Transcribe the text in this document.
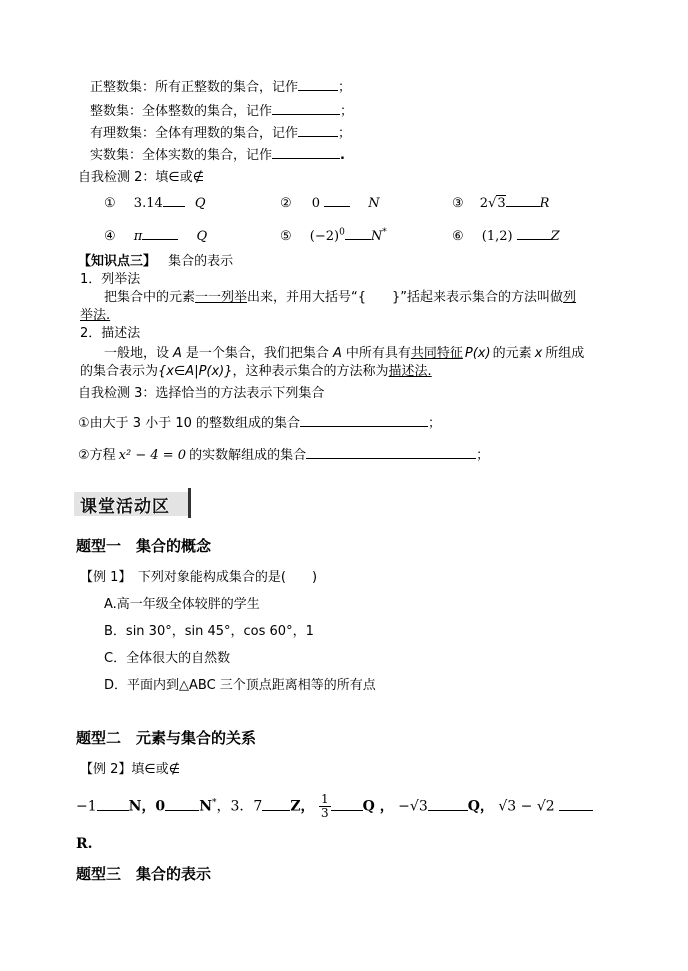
正整数集：所有正整数的集合，记作	；
整数集：全体整数的集合，记作	；
有理数集：全体有理数的集合，记作	；
实数集：全体实数的集合，记作	.
自我检测 2：填∈或∉
① 3.14 Q	② 0	N	③ 2√3	R
④ π	Q	⑤ $(-2)^0$ N*	⑥ (1,2)	Z
【知识点三】 集合的表示
1．列举法
把集合中的元素一一列举出来，并用大括号“{　　}”括起来表示集合的方法叫做列
举法.
2．描述法
一般地，设 A 是一个集合，我们把集合 A 中所有具有共同特征 P(x) 的元素 x 所组成
的集合表示为{x∈A|P(x)}，这种表示集合的方法称为描述法.
自我检测 3：选择恰当的方法表示下列集合
①由大于 3 小于 10 的整数组成的集合	；
②方程 x² − 4 = 0 的实数解组成的集合	；
课堂活动区
题型一　集合的概念
【例 1】　下列对象能构成集合的是(　　)
A.高一年级全体较胖的学生
B．sin 30°，sin 45°，cos 60°，1
C．全体很大的自然数
D．平面内到△ABC 三个顶点距离相等的所有点
题型二　元素与集合的关系
【例 2】填∈或∉
−1 N，0 N*，3．7 Z， $\frac{1}{3}$ Q ， −√3	Q， √3 − √2
R.
题型三　集合的表示
